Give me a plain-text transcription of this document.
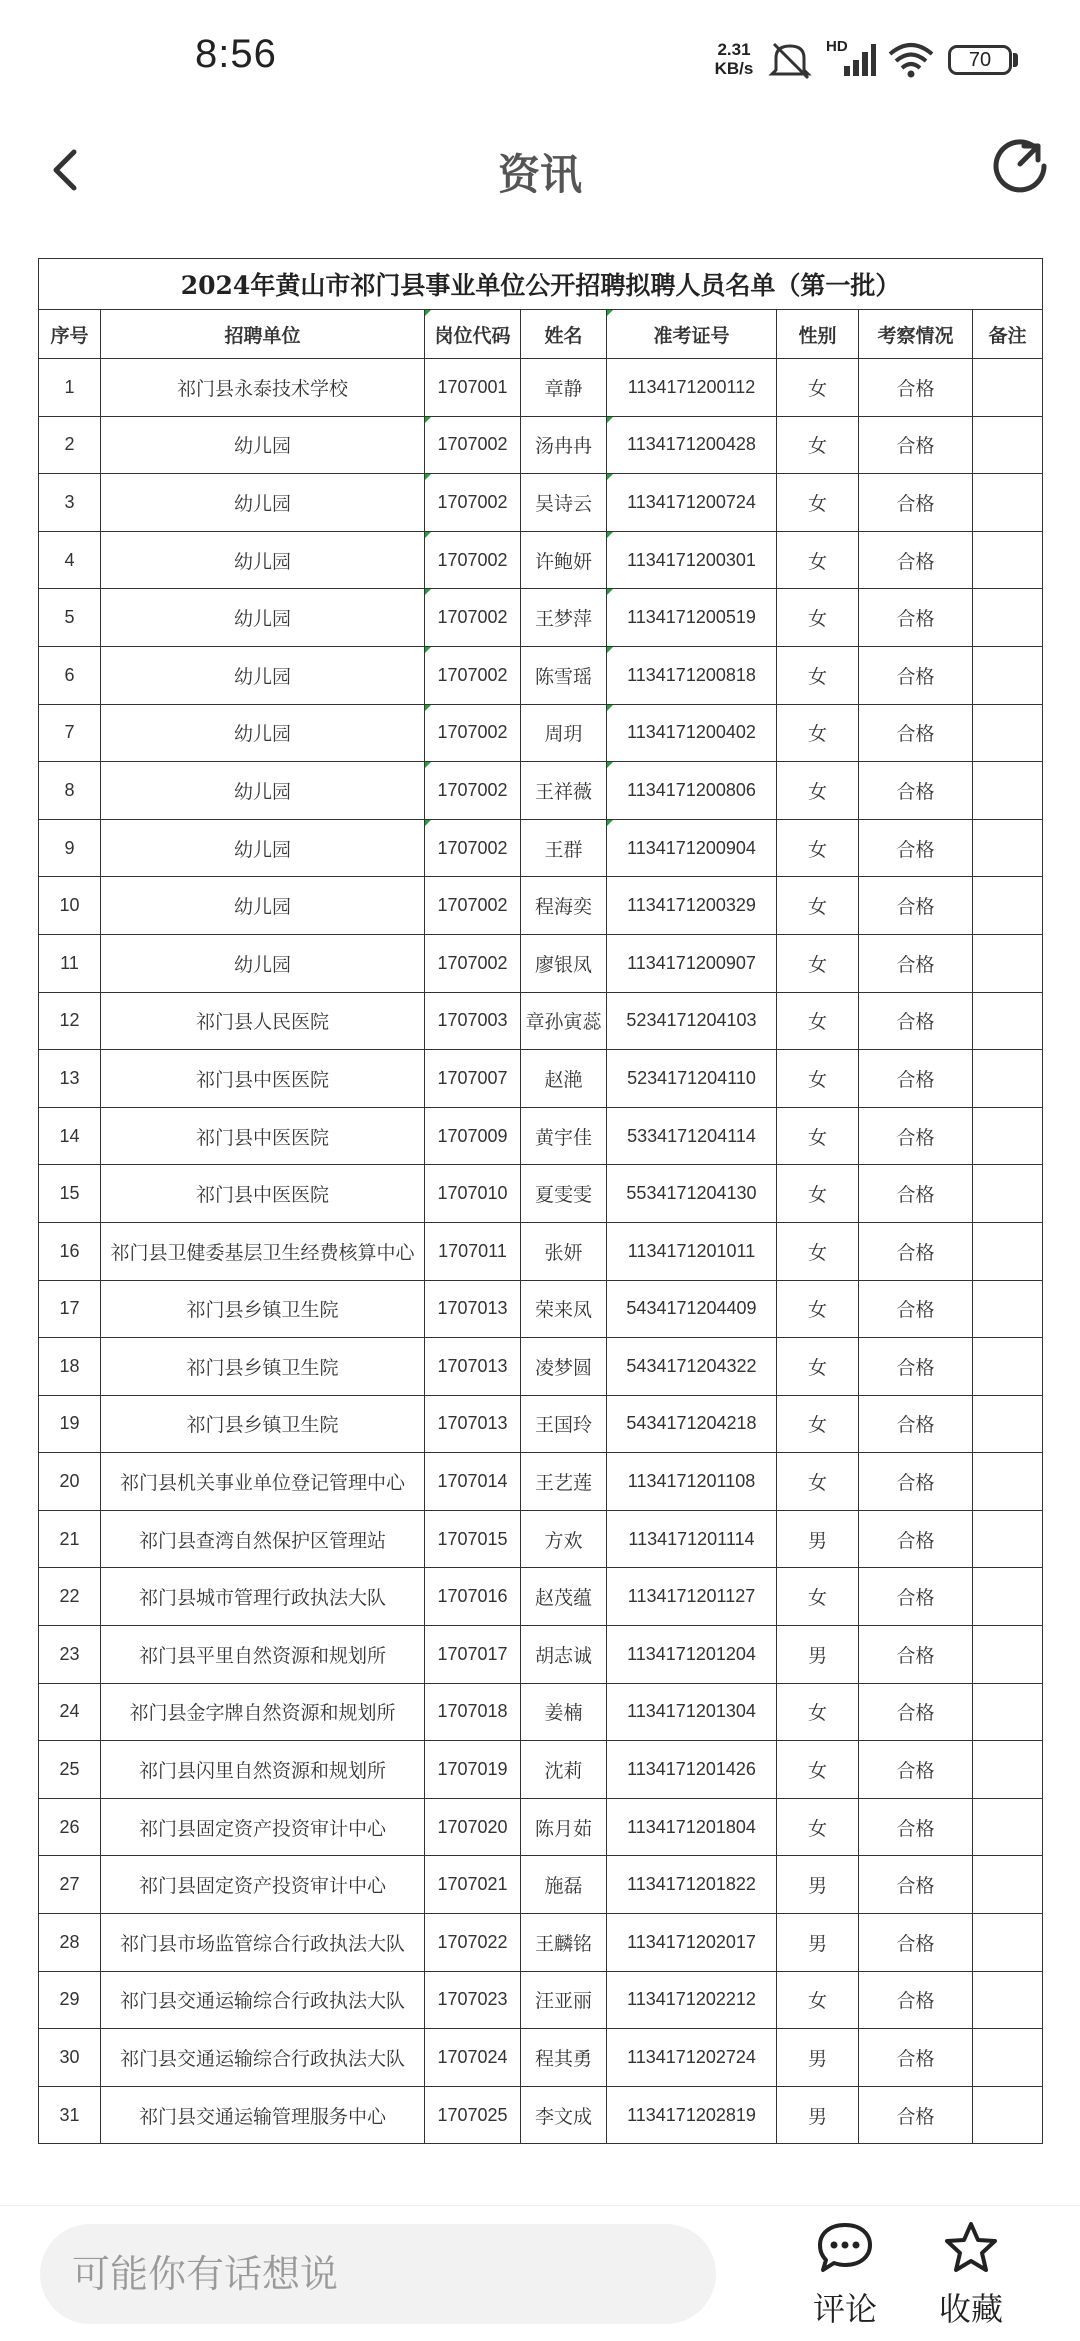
8:56	2.31
KB/s
HD
70
资讯
2024年黄山市祁门县事业单位公开招聘拟聘人员名单（第一批）							
序号	招聘单位	岗位代码	姓名	准考证号	性别	考察情况	备注
1	祁门县永泰技术学校	1707001	章静	1134171200112	女	合格	
2	幼儿园	1707002	汤冉冉	1134171200428	女	合格	
3	幼儿园	1707002	吴诗云	1134171200724	女	合格	
4	幼儿园	1707002	许鲍妍	1134171200301	女	合格	
5	幼儿园	1707002	王梦萍	1134171200519	女	合格	
6	幼儿园	1707002	陈雪瑶	1134171200818	女	合格	
7	幼儿园	1707002	周玥	1134171200402	女	合格	
8	幼儿园	1707002	王祥薇	1134171200806	女	合格	
9	幼儿园	1707002	王群	1134171200904	女	合格	
10	幼儿园	1707002	程海奕	1134171200329	女	合格	
11	幼儿园	1707002	廖银凤	1134171200907	女	合格	
12	祁门县人民医院	1707003	章孙寅蕊	5234171204103	女	合格	
13	祁门县中医医院	1707007	赵滟	5234171204110	女	合格	
14	祁门县中医医院	1707009	黄宇佳	5334171204114	女	合格	
15	祁门县中医医院	1707010	夏雯雯	5534171204130	女	合格	
16	祁门县卫健委基层卫生经费核算中心	1707011	张妍	1134171201011	女	合格	
17	祁门县乡镇卫生院	1707013	荣来凤	5434171204409	女	合格	
18	祁门县乡镇卫生院	1707013	凌梦圆	5434171204322	女	合格	
19	祁门县乡镇卫生院	1707013	王国玲	5434171204218	女	合格	
20	祁门县机关事业单位登记管理中心	1707014	王艺莲	1134171201108	女	合格	
21	祁门县查湾自然保护区管理站	1707015	方欢	1134171201114	男	合格	
22	祁门县城市管理行政执法大队	1707016	赵茂蕴	1134171201127	女	合格	
23	祁门县平里自然资源和规划所	1707017	胡志诚	1134171201204	男	合格	
24	祁门县金字牌自然资源和规划所	1707018	姜楠	1134171201304	女	合格	
25	祁门县闪里自然资源和规划所	1707019	沈莉	1134171201426	女	合格	
26	祁门县固定资产投资审计中心	1707020	陈月茹	1134171201804	女	合格	
27	祁门县固定资产投资审计中心	1707021	施磊	1134171201822	男	合格	
28	祁门县市场监管综合行政执法大队	1707022	王麟铭	1134171202017	男	合格	
29	祁门县交通运输综合行政执法大队	1707023	汪亚丽	1134171202212	女	合格	
30	祁门县交通运输综合行政执法大队	1707024	程其勇	1134171202724	男	合格	
31	祁门县交通运输管理服务中心	1707025	李文成	1134171202819	男	合格	
可能你有话想说
评论	收藏
